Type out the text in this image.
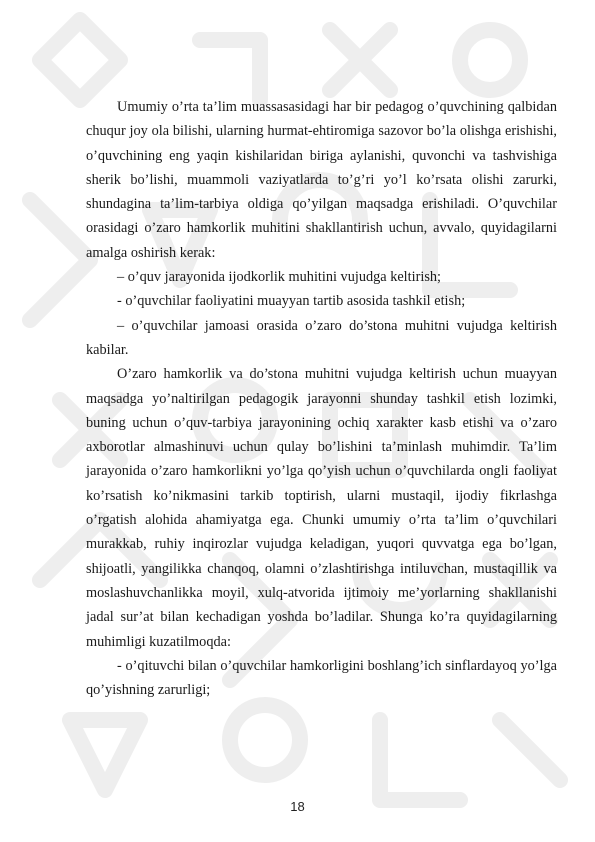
Umumiy o’rta ta’lim muassasasidagi har bir pedagog o’quvchining qalbidan chuqur joy ola bilishi, ularning hurmat-ehtiromiga sazovor bo’la olishga erishishi, o’quvchining eng yaqin kishilaridan biriga aylanishi, quvonchi va tashvishiga sherik bo’lishi, muammoli vaziyatlarda to’g’ri yo’l ko’rsata olishi zarurki, shundagina ta’lim-tarbiya oldiga qo’yilgan maqsadga erishiladi. O’quvchilar orasidagi o’zaro hamkorlik muhitini shakllantirish uchun, avvalo, quyidagilarni amalga oshirish kerak:

‒ o’quv jarayonida ijodkorlik muhitini vujudga keltirish;

- o’quvchilar faoliyatini muayyan tartib asosida tashkil etish;

‒ o’quvchilar jamoasi orasida o’zaro do’stona muhitni vujudga keltirish kabilar.

O’zaro hamkorlik va do’stona muhitni vujudga keltirish uchun muayyan maqsadga yo’naltirilgan pedagogik jarayonni shunday tashkil etish lozimki, buning uchun o’quv-tarbiya jarayonining ochiq xarakter kasb etishi va o’zaro axborotlar almashinuvi uchun qulay bo’lishini ta’minlash muhimdir. Ta’lim jarayonida o’zaro hamkorlikni yo’lga qo’yish uchun o’quvchilarda ongli faoliyat ko’rsatish ko’nikmasini tarkib toptirish, ularni mustaqil, ijodiy fikrlashga o’rgatish alohida ahamiyatga ega. Chunki umumiy o’rta ta’lim o’quvchilari murakkab, ruhiy inqirozlar vujudga keladigan, yuqori quvvatga ega bo’lgan, shijoatli, yangilikka chanqoq, olamni o’zlashtirishga intiluvchan, mustaqillik va moslashuvchanlikka moyil, xulq-atvorida ijtimoiy me’yorlarning shakllanishi jadal sur’at bilan kechadigan yoshda bo’ladilar. Shunga ko’ra quyidagilarning muhimligi kuzatilmoqda:

- o’qituvchi bilan o’quvchilar hamkorligini boshlang’ich sinflardayoq yo’lga qo’yishning zarurligi;

18
